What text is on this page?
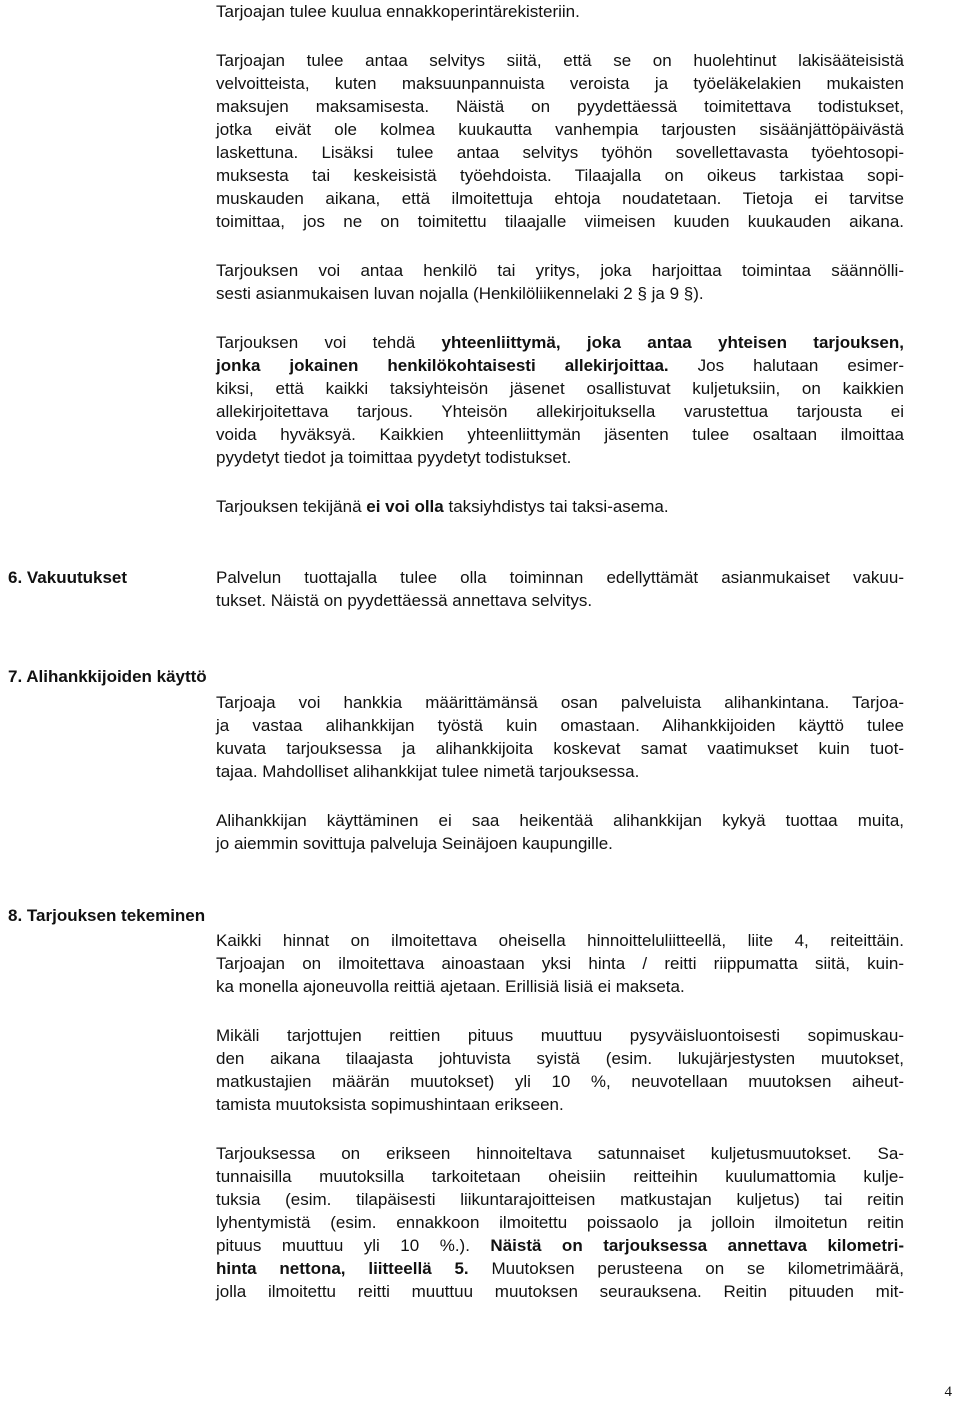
Tarjoajan tulee kuulua ennakkoperintärekisteriin.
Tarjoajan tulee antaa selvitys siitä, että se on huolehtinut lakisääteisistä
velvoitteista, kuten maksuunpannuista veroista ja työeläkelakien mukaisten
maksujen maksamisesta. Näistä on pyydettäessä toimitettava todistukset,
jotka eivät ole kolmea kuukautta vanhempia tarjousten sisäänjättöpäivästä
laskettuna. Lisäksi tulee antaa selvitys työhön sovellettavasta työehtosopi-
muksesta tai keskeisistä työehdoista. Tilaajalla on oikeus tarkistaa sopi-
muskauden aikana, että ilmoitettuja ehtoja noudatetaan. Tietoja ei tarvitse
toimittaa, jos ne on toimitettu tilaajalle viimeisen kuuden kuukauden aikana.
Tarjouksen voi antaa henkilö tai yritys, joka harjoittaa toimintaa säännölli-
sesti asianmukaisen luvan nojalla (Henkilöliikennelaki 2 § ja 9 §).
Tarjouksen voi tehdä yhteenliittymä, joka antaa yhteisen tarjouksen,
jonka jokainen henkilökohtaisesti allekirjoittaa. Jos halutaan esimer-
kiksi, että kaikki taksiyhteisön jäsenet osallistuvat kuljetuksiin, on kaikkien
allekirjoitettava tarjous. Yhteisön allekirjoituksella varustettua tarjousta ei
voida hyväksyä. Kaikkien yhteenliittymän jäsenten tulee osaltaan ilmoittaa
pyydetyt tiedot ja toimittaa pyydetyt todistukset.
Tarjouksen tekijänä ei voi olla taksiyhdistys tai taksi-asema.
6. Vakuutukset	Palvelun tuottajalla tulee olla toiminnan edellyttämät asianmukaiset vakuu-
tukset. Näistä on pyydettäessä annettava selvitys.
7. Alihankkijoiden käyttö
Tarjoaja voi hankkia määrittämänsä osan palveluista alihankintana. Tarjoa-
ja vastaa alihankkijan työstä kuin omastaan. Alihankkijoiden käyttö tulee
kuvata tarjouksessa ja alihankkijoita koskevat samat vaatimukset kuin tuot-
tajaa. Mahdolliset alihankkijat tulee nimetä tarjouksessa.
Alihankkijan käyttäminen ei saa heikentää alihankkijan kykyä tuottaa muita,
jo aiemmin sovittuja palveluja Seinäjoen kaupungille.
8. Tarjouksen tekeminen
Kaikki hinnat on ilmoitettava oheisella hinnoitteluliitteellä, liite 4, reiteittäin.
Tarjoajan on ilmoitettava ainoastaan yksi hinta / reitti riippumatta siitä, kuin-
ka monella ajoneuvolla reittiä ajetaan. Erillisiä lisiä ei makseta.
Mikäli tarjottujen reittien pituus muuttuu pysyväisluontoisesti sopimuskau-
den aikana tilaajasta johtuvista syistä (esim. lukujärjestysten muutokset,
matkustajien määrän muutokset) yli 10 %, neuvotellaan muutoksen aiheut-
tamista muutoksista sopimushintaan erikseen.
Tarjouksessa on erikseen hinnoiteltava satunnaiset kuljetusmuutokset. Sa-
tunnaisilla muutoksilla tarkoitetaan oheisiin reitteihin kuulumattomia kulje-
tuksia (esim. tilapäisesti liikuntarajoitteisen matkustajan kuljetus) tai reitin
lyhentymistä (esim. ennakkoon ilmoitettu poissaolo ja jolloin ilmoitetun reitin
pituus muuttuu yli 10 %.). Näistä on tarjouksessa annettava kilometri-
hinta nettona, liitteellä 5. Muutoksen perusteena on se kilometrimäärä,
jolla ilmoitettu reitti muuttuu muutoksen seurauksena. Reitin pituuden mit-
4
